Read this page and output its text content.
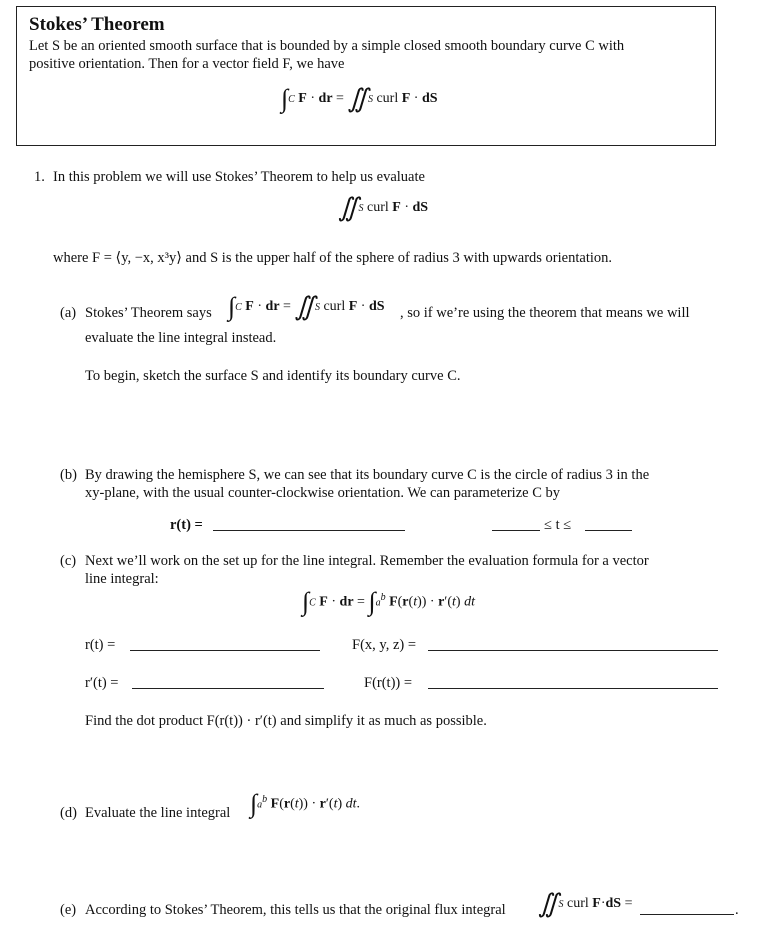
Stokes’ Theorem
Let S be an oriented smooth surface that is bounded by a simple closed smooth boundary curve C with
positive orientation. Then for a vector field F, we have
∫C F · dr = ∬S curl F · dS
1. In this problem we will use Stokes’ Theorem to help us evaluate
∬S curl F · dS
where F = ⟨y, −x, x³y⟩ and S is the upper half of the sphere of radius 3 with upwards orientation.
(a) Stokes’ Theorem says ∫C F · dr = ∬S curl F · dS , so if we’re using the theorem that means we will
evaluate the line integral instead.
To begin, sketch the surface S and identify its boundary curve C.
(b) By drawing the hemisphere S, we can see that its boundary curve C is the circle of radius 3 in the
xy-plane, with the usual counter-clockwise orientation. We can parameterize C by
r(t) =	≤ t ≤
(c) Next we’ll work on the set up for the line integral. Remember the evaluation formula for a vector
line integral:
∫C F · dr = $\int a^b$ F(r(t)) · r′(t) dt
r(t) =	F(x, y, z) =
r′(t) =	F(r(t)) =
Find the dot product F(r(t)) · r′(t) and simplify it as much as possible.
(d) Evaluate the line integral $\int a^b$ F(r(t)) · r′(t) dt.
(e) According to Stokes’ Theorem, this tells us that the original flux integral ∬S curl F·dS =	.
